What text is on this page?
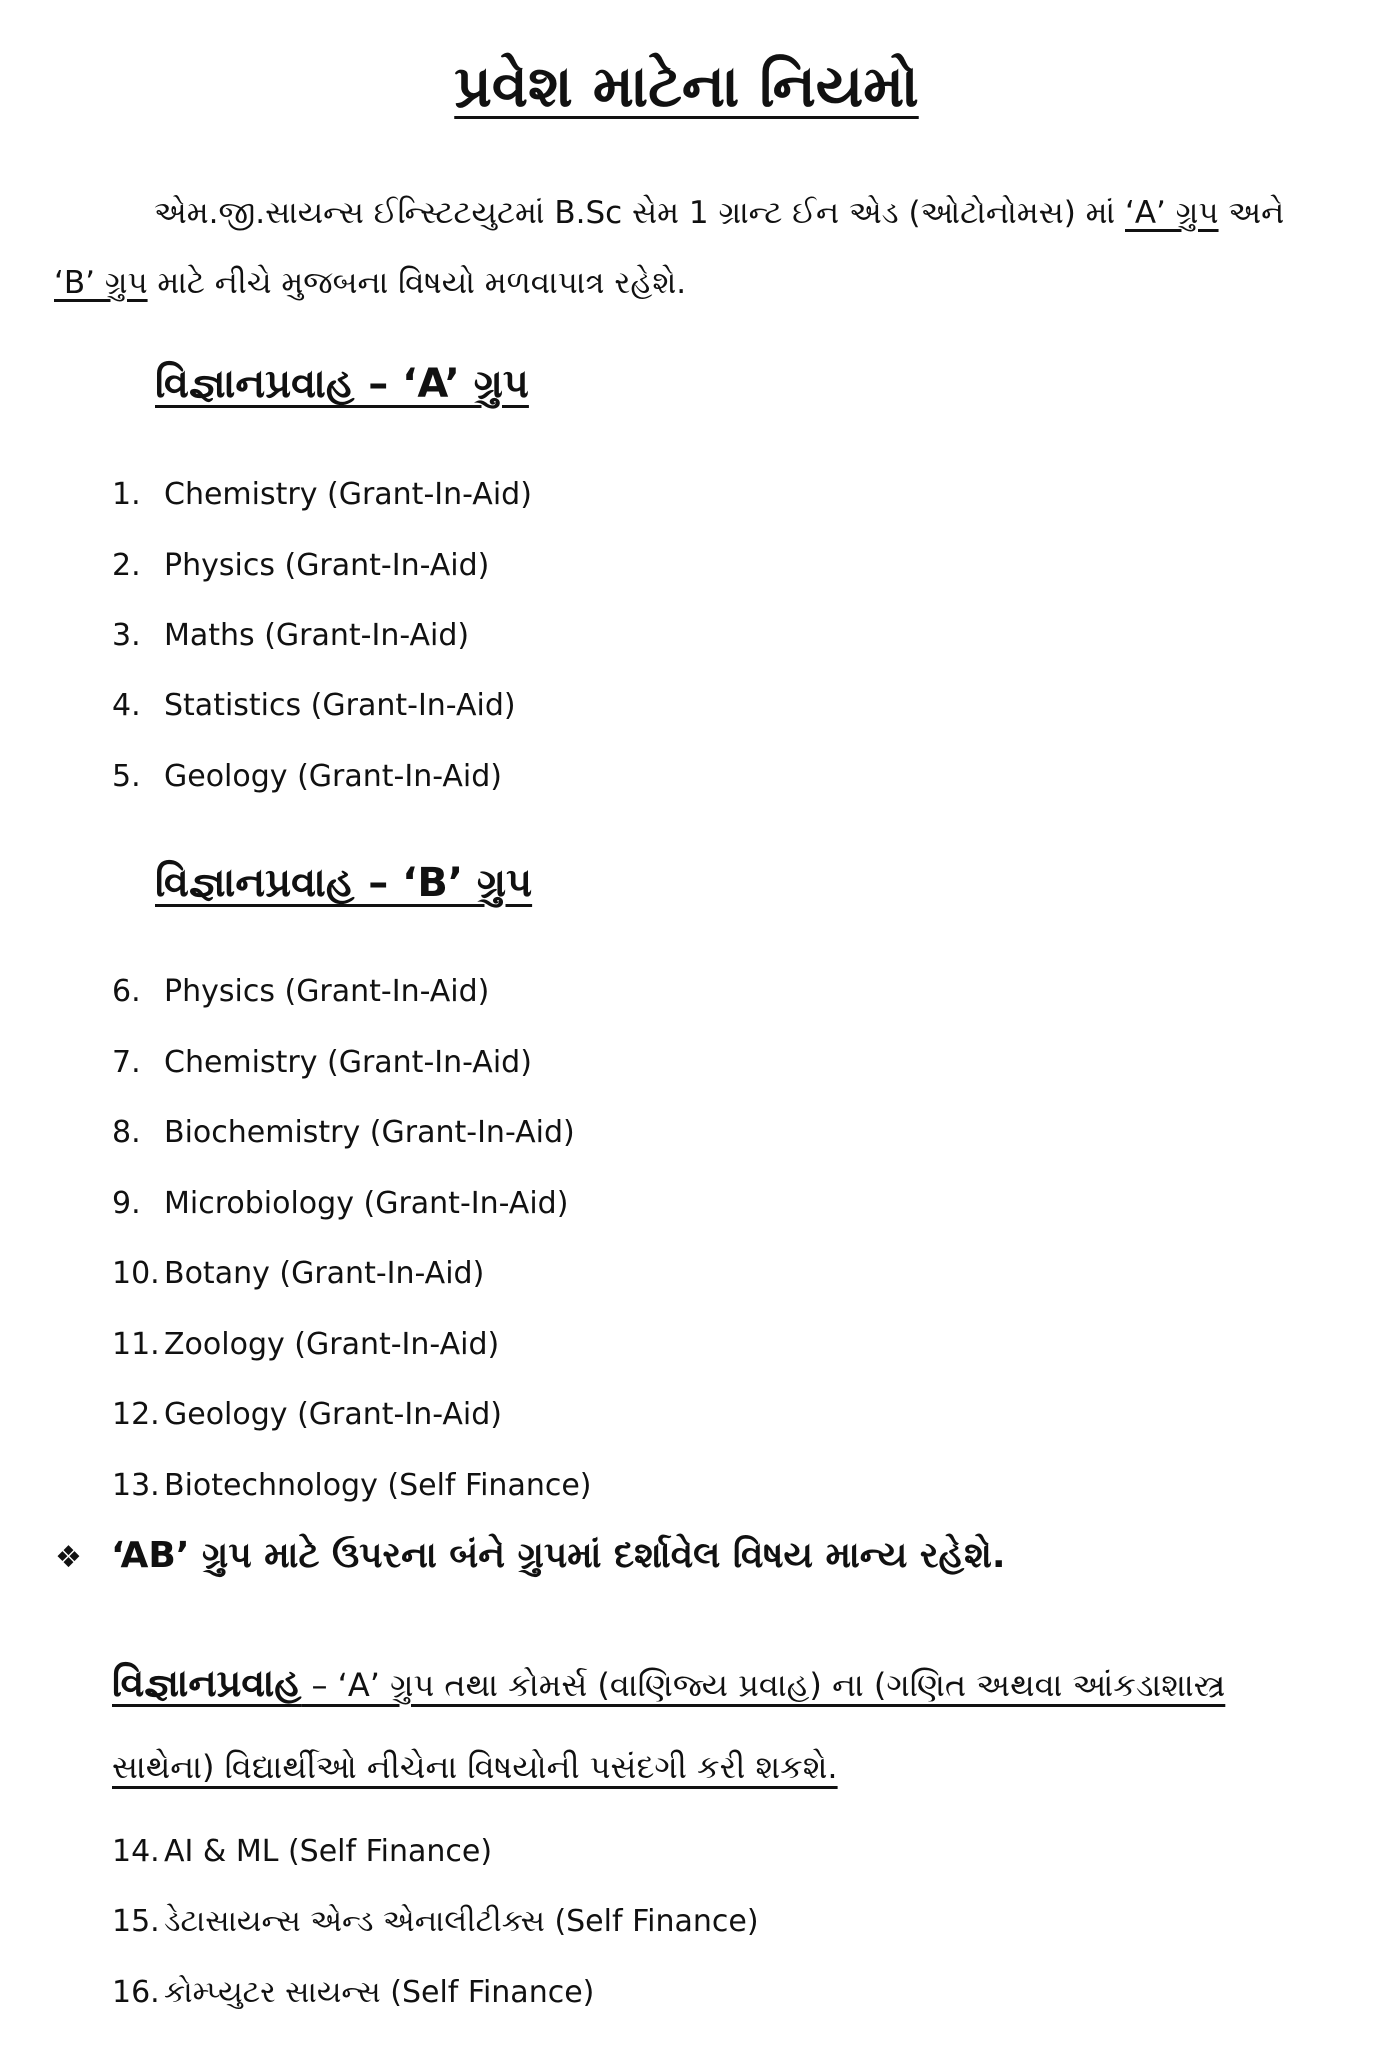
પ્રવેશ માટેના નિયમો
એમ.જી.સાયન્સ ઈન્સ્ટિટયુટમાં B.Sc સેમ 1 ગ્રાન્ટ ઈન એડ (ઓટોનોમસ) માં ‘A’ ગ્રુપ અને ‘B’ ગ્રુપ માટે નીચે મુજબના વિષયો મળવાપાત્ર રહેશે.
વિજ્ઞાનપ્રવાહ – ‘A’ ગ્રુપ
1. Chemistry (Grant-In-Aid)
2. Physics (Grant-In-Aid)
3. Maths (Grant-In-Aid)
4. Statistics (Grant-In-Aid)
5. Geology (Grant-In-Aid)
વિજ્ઞાનપ્રવાહ – ‘B’ ગ્રુપ
6. Physics (Grant-In-Aid)
7. Chemistry (Grant-In-Aid)
8. Biochemistry (Grant-In-Aid)
9. Microbiology (Grant-In-Aid)
10. Botany (Grant-In-Aid)
11. Zoology (Grant-In-Aid)
12. Geology (Grant-In-Aid)
13. Biotechnology (Self Finance)
❖ ‘AB’ ગ્રુપ માટે ઉપરના બંને ગ્રુપમાં દર્શાવેલ વિષય માન્ય રહેશે.
વિજ્ઞાનપ્રવાહ – ‘A’ ગ્રુપ તથા કોમર્સ (વાણિજ્ય પ્રવાહ) ના (ગણિત અથવા આંકડાશાસ્ત્ર સાથેના) વિદ્યાર્થીઓ નીચેના વિષયોની પસંદગી કરી શકશે.
14. AI & ML (Self Finance)
15. ડેટાસાયન્સ એન્ડ એનાલીટીક્સ (Self Finance)
16. કોમ્પ્યુટર સાયન્સ (Self Finance)
